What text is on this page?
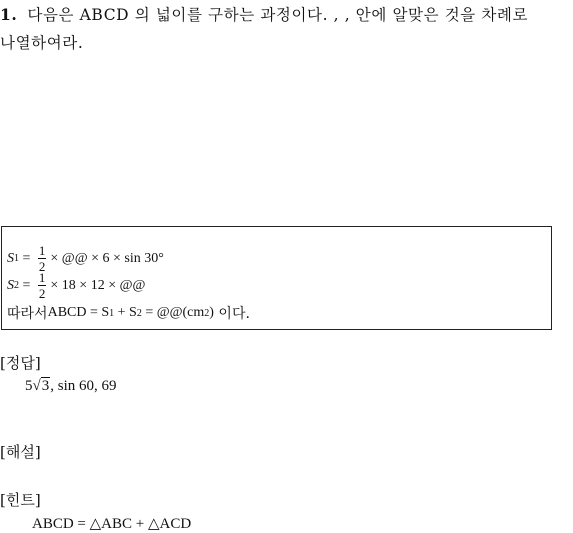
1. 다음은 ABCD 의 넓이를 구하는 과정이다. , , 안에 알맞은 것을 차례로
나열하여라.
S $1 = \frac{1}{2}$ × @@ × 6 × sin 30°
S $2 = \frac{1}{2} \times 18 \times 12$ × @@
따라서 ABCD = S 1 + S 2 = @@(cm 2 ) 이다.
[정답]
5√3, sin 60, 69
[해설]
[힌트]
ABCD = △ABC + △ACD
